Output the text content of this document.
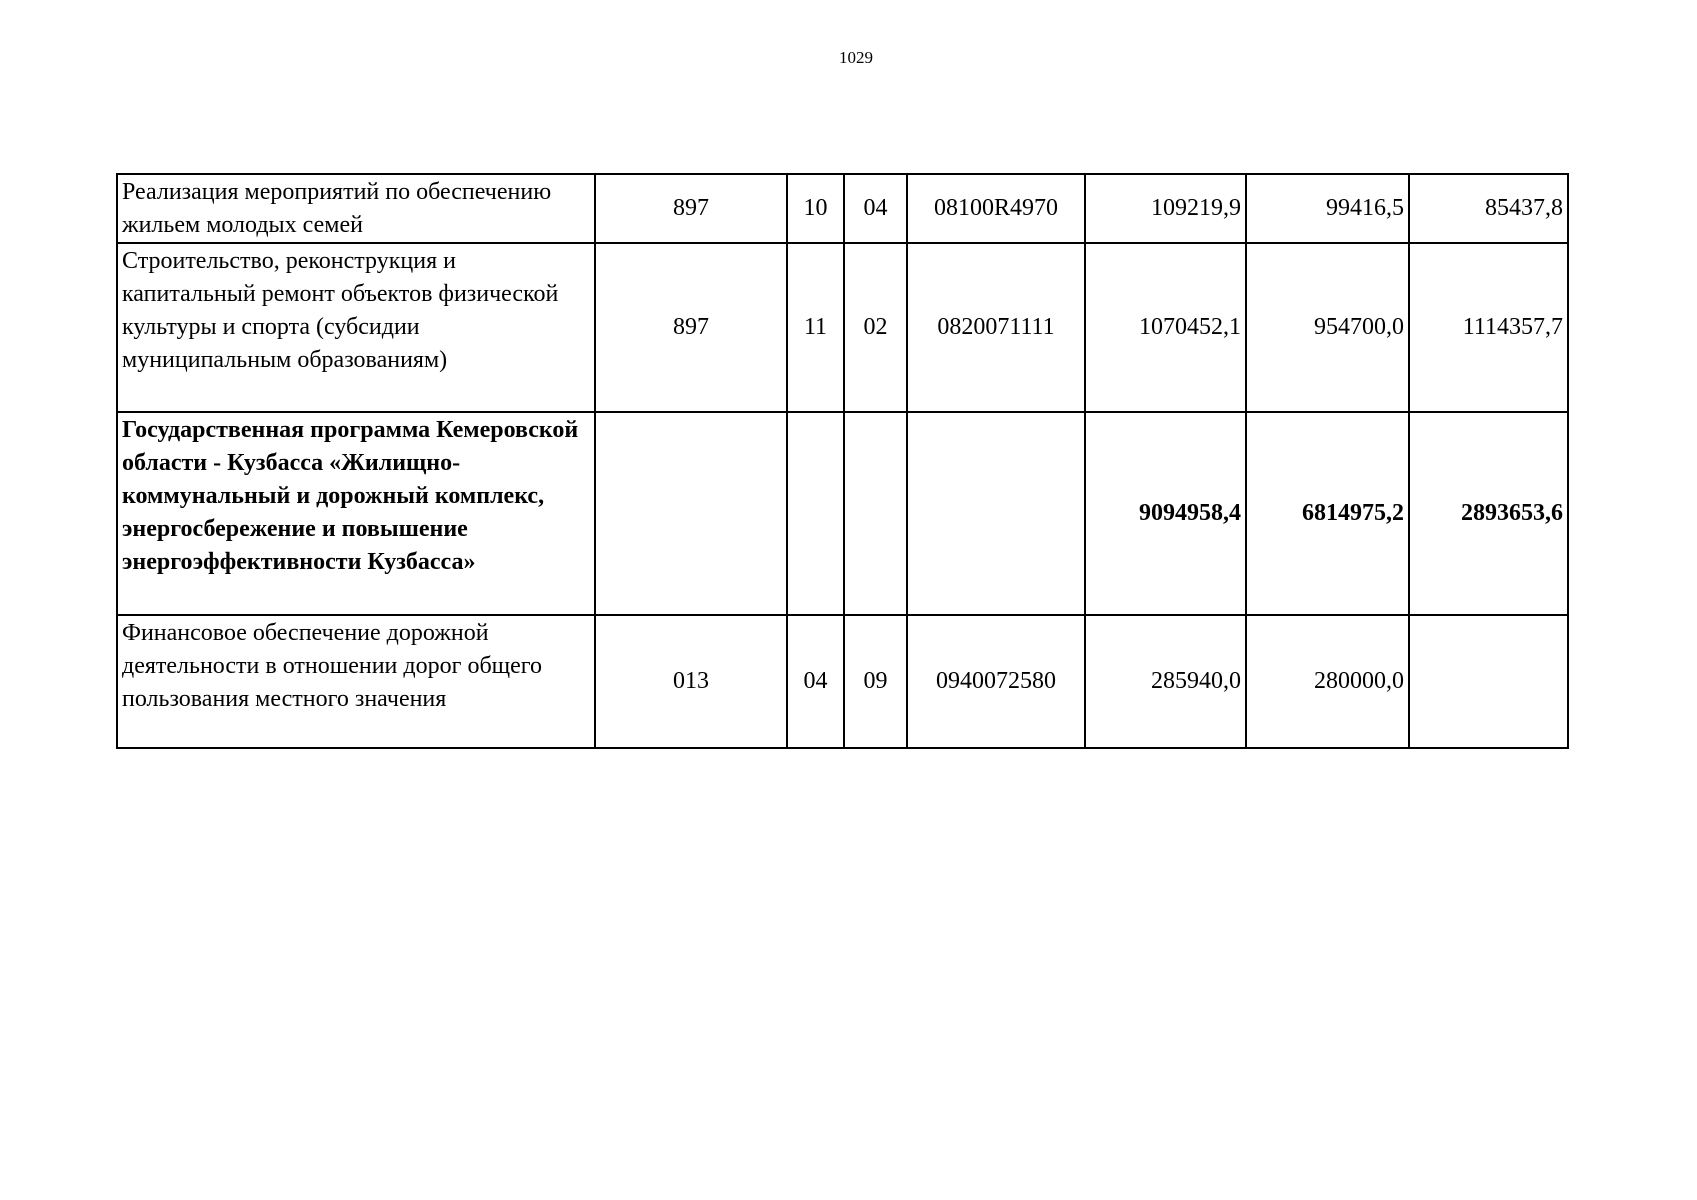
1029
Реализация мероприятий по обеспечению жильем молодых семей	897	10	04	08100R4970	109219,9	99416,5	85437,8
Строительство, реконструкция и капитальный ремонт объектов физической культуры и спорта (субсидии муниципальным образованиям)	897	11	02	0820071111	1070452,1	954700,0	1114357,7
Государственная программа Кемеровской области - Кузбасса «Жилищно-коммунальный и дорожный комплекс, энергосбережение и повышение энергоэффективности Кузбасса»					9094958,4	6814975,2	2893653,6
Финансовое обеспечение дорожной деятельности в отношении дорог общего пользования местного значения	013	04	09	0940072580	285940,0	280000,0	
